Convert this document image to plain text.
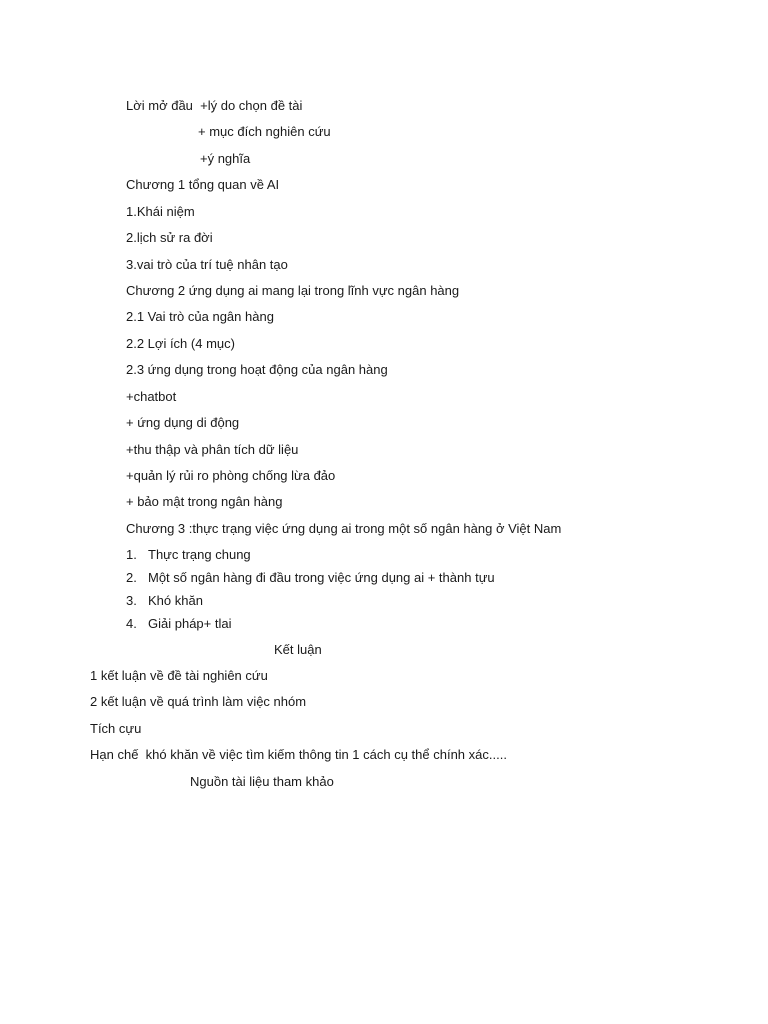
Lời mở đầu  +lý do chọn đề tài
+ mục đích nghiên cứu
+ý nghĩa
Chương 1 tổng quan về AI
1.Khái niệm
2.lịch sử ra đời
3.vai trò của trí tuệ nhân tạo
Chương 2 ứng dụng ai mang lại trong lĩnh vực ngân hàng
2.1 Vai trò của ngân hàng
2.2 Lợi ích (4 mục)
2.3 ứng dụng trong hoạt động của ngân hàng
+chatbot
+ ứng dụng di động
+thu thập và phân tích dữ liệu
+quản lý rủi ro phòng chống lừa đảo
+ bảo mật trong ngân hàng
Chương 3 :thực trạng việc ứng dụng ai trong một số ngân hàng ở Việt Nam
1. Thực trạng chung
2. Một số ngân hàng đi đầu trong việc ứng dụng ai + thành tựu
3. Khó khăn
4. Giải pháp+ tlai
Kết luận
1 kết luận về đề tài nghiên cứu
2 kết luận về quá trình làm việc nhóm
Tích cựu
Hạn chế  khó khăn về việc tìm kiếm thông tin 1 cách cụ thể chính xác.....
Nguồn tài liệu tham khảo
